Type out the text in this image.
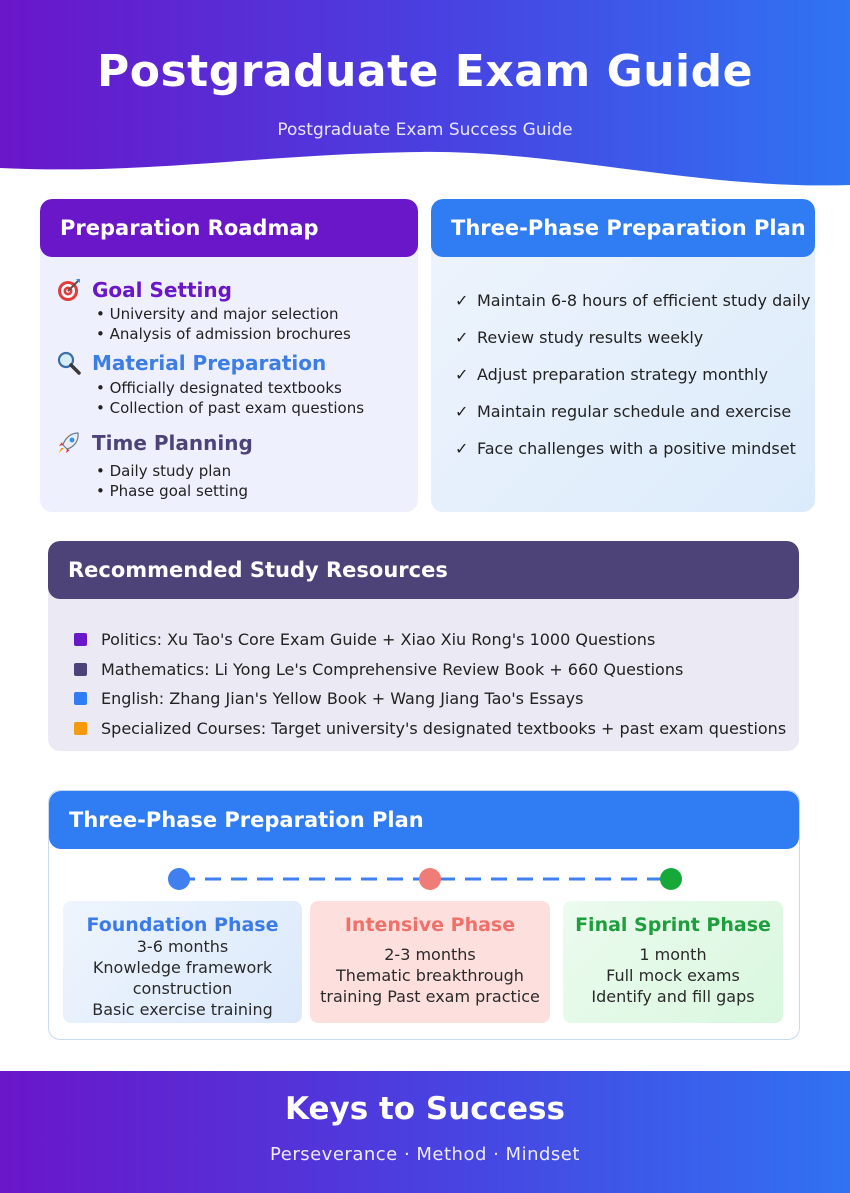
Postgraduate Exam Guide
Postgraduate Exam Success Guide
Preparation Roadmap
Goal Setting
• University and major selection
• Analysis of admission brochures
Material Preparation
• Officially designated textbooks
• Collection of past exam questions
Time Planning
• Daily study plan
• Phase goal setting
Three-Phase Preparation Plan
✓ Maintain 6-8 hours of efficient study daily
✓ Review study results weekly
✓ Adjust preparation strategy monthly
✓ Maintain regular schedule and exercise
✓ Face challenges with a positive mindset
Recommended Study Resources
Politics: Xu Tao's Core Exam Guide + Xiao Xiu Rong's 1000 Questions
Mathematics: Li Yong Le's Comprehensive Review Book + 660 Questions
English: Zhang Jian's Yellow Book + Wang Jiang Tao's Essays
Specialized Courses: Target university's designated textbooks + past exam questions
Three-Phase Preparation Plan
Foundation Phase
3-6 months
Knowledge framework
construction
Basic exercise training
Intensive Phase
2-3 months
Thematic breakthrough
training Past exam practice
Final Sprint Phase
1 month
Full mock exams
Identify and fill gaps
Keys to Success
Perseverance · Method · Mindset
